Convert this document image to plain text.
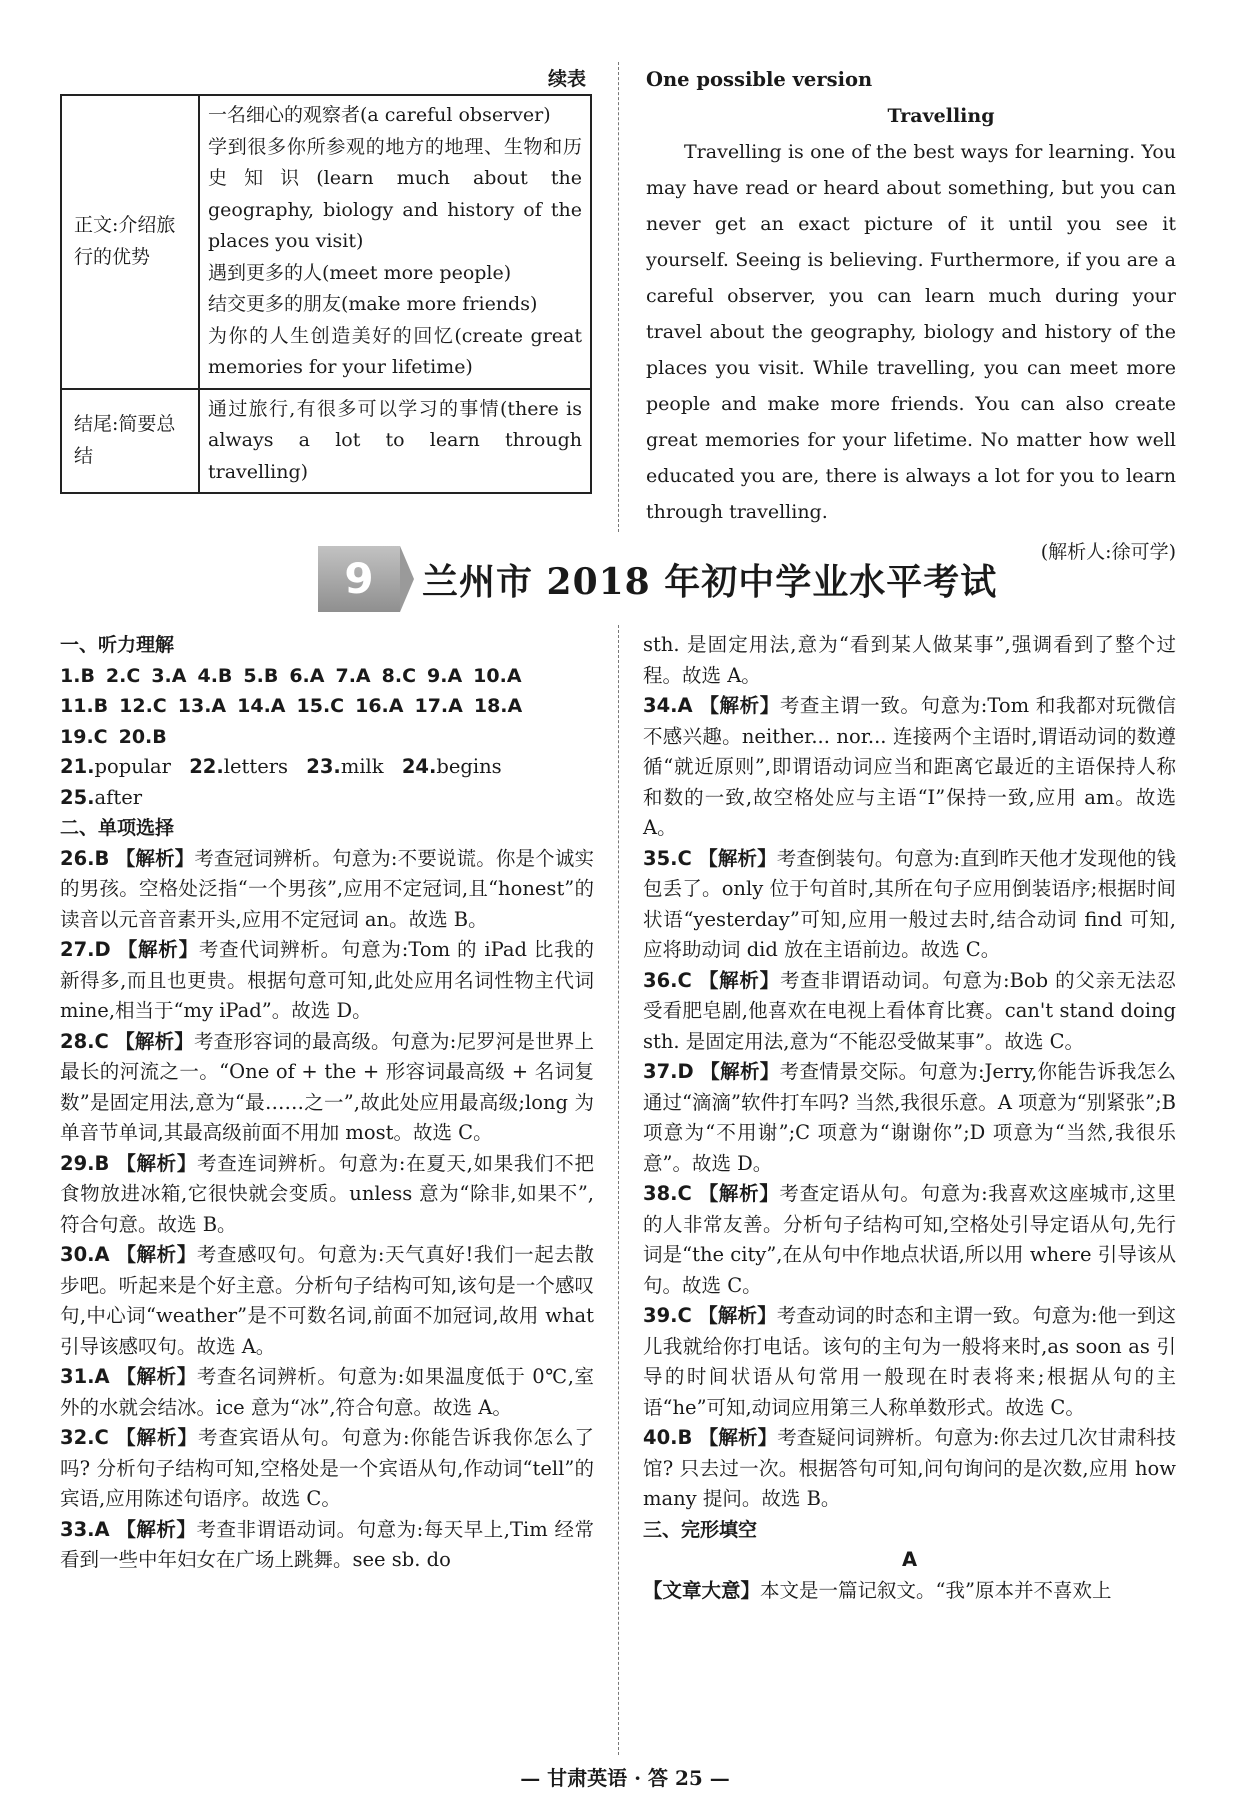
续表
正文:介绍旅行的优势	一名细心的观察者(a careful observer)
学到很多你所参观的地方的地理、生物和历史知识(learn much about the geography, biology and history of the places you visit)
遇到更多的人(meet more people)
结交更多的朋友(make more friends)
为你的人生创造美好的回忆(create great memories for your lifetime)

结尾:简要总结	通过旅行,有很多可以学习的事情(there is always a lot to learn through travelling)
One possible version
Travelling
Travelling is one of the best ways for learning. You may have read or heard about something, but you can never get an exact picture of it until you see it yourself. Seeing is believing. Furthermore, if you are a careful observer, you can learn much during your travel about the geography, biology and history of the places you visit. While travelling, you can meet more people and make more friends. You can also create great memories for your lifetime. No matter how well educated you are, there is always a lot for you to learn through travelling.
(解析人:徐可学)
9	兰州市 2018 年初中学业水平考试
一、听力理解
1.B 2.C 3.A 4.B 5.B 6.A 7.A 8.C 9.A 10.A
11.B 12.C 13.A 14.A 15.C 16.A 17.A 18.A
19.C 20.B
21.popular 22.letters 23.milk 24.begins 25.after
二、单项选择
26.B 【解析】考查冠词辨析。句意为:不要说谎。你是个诚实的男孩。空格处泛指“一个男孩”,应用不定冠词,且“honest”的读音以元音音素开头,应用不定冠词 an。故选 B。
27.D 【解析】考查代词辨析。句意为:Tom 的 iPad 比我的新得多,而且也更贵。根据句意可知,此处应用名词性物主代词 mine,相当于“my iPad”。故选 D。
28.C 【解析】考查形容词的最高级。句意为:尼罗河是世界上最长的河流之一。“One of + the + 形容词最高级 + 名词复数”是固定用法,意为“最……之一”,故此处应用最高级;long 为单音节单词,其最高级前面不用加 most。故选 C。
29.B 【解析】考查连词辨析。句意为:在夏天,如果我们不把食物放进冰箱,它很快就会变质。unless 意为“除非,如果不”,符合句意。故选 B。
30.A 【解析】考查感叹句。句意为:天气真好!我们一起去散步吧。听起来是个好主意。分析句子结构可知,该句是一个感叹句,中心词“weather”是不可数名词,前面不加冠词,故用 what 引导该感叹句。故选 A。
31.A 【解析】考查名词辨析。句意为:如果温度低于 0℃,室外的水就会结冰。ice 意为“冰”,符合句意。故选 A。
32.C 【解析】考查宾语从句。句意为:你能告诉我你怎么了吗? 分析句子结构可知,空格处是一个宾语从句,作动词“tell”的宾语,应用陈述句语序。故选 C。
33.A 【解析】考查非谓语动词。句意为:每天早上,Tim 经常看到一些中年妇女在广场上跳舞。see sb. do
sth. 是固定用法,意为“看到某人做某事”,强调看到了整个过程。故选 A。
34.A 【解析】考查主谓一致。句意为:Tom 和我都对玩微信不感兴趣。neither... nor... 连接两个主语时,谓语动词的数遵循“就近原则”,即谓语动词应当和距离它最近的主语保持人称和数的一致,故空格处应与主语“I”保持一致,应用 am。故选 A。
35.C 【解析】考查倒装句。句意为:直到昨天他才发现他的钱包丢了。only 位于句首时,其所在句子应用倒装语序;根据时间状语“yesterday”可知,应用一般过去时,结合动词 find 可知,应将助动词 did 放在主语前边。故选 C。
36.C 【解析】考查非谓语动词。句意为:Bob 的父亲无法忍受看肥皂剧,他喜欢在电视上看体育比赛。can't stand doing sth. 是固定用法,意为“不能忍受做某事”。故选 C。
37.D 【解析】考查情景交际。句意为:Jerry,你能告诉我怎么通过“滴滴”软件打车吗? 当然,我很乐意。A 项意为“别紧张”;B 项意为“不用谢”;C 项意为“谢谢你”;D 项意为“当然,我很乐意”。故选 D。
38.C 【解析】考查定语从句。句意为:我喜欢这座城市,这里的人非常友善。分析句子结构可知,空格处引导定语从句,先行词是“the city”,在从句中作地点状语,所以用 where 引导该从句。故选 C。
39.C 【解析】考查动词的时态和主谓一致。句意为:他一到这儿我就给你打电话。该句的主句为一般将来时,as soon as 引导的时间状语从句常用一般现在时表将来;根据从句的主语“he”可知,动词应用第三人称单数形式。故选 C。
40.B 【解析】考查疑问词辨析。句意为:你去过几次甘肃科技馆? 只去过一次。根据答句可知,问句询问的是次数,应用 how many 提问。故选 B。
三、完形填空
A
【文章大意】本文是一篇记叙文。“我”原本并不喜欢上
— 甘肃英语 · 答 25 —
